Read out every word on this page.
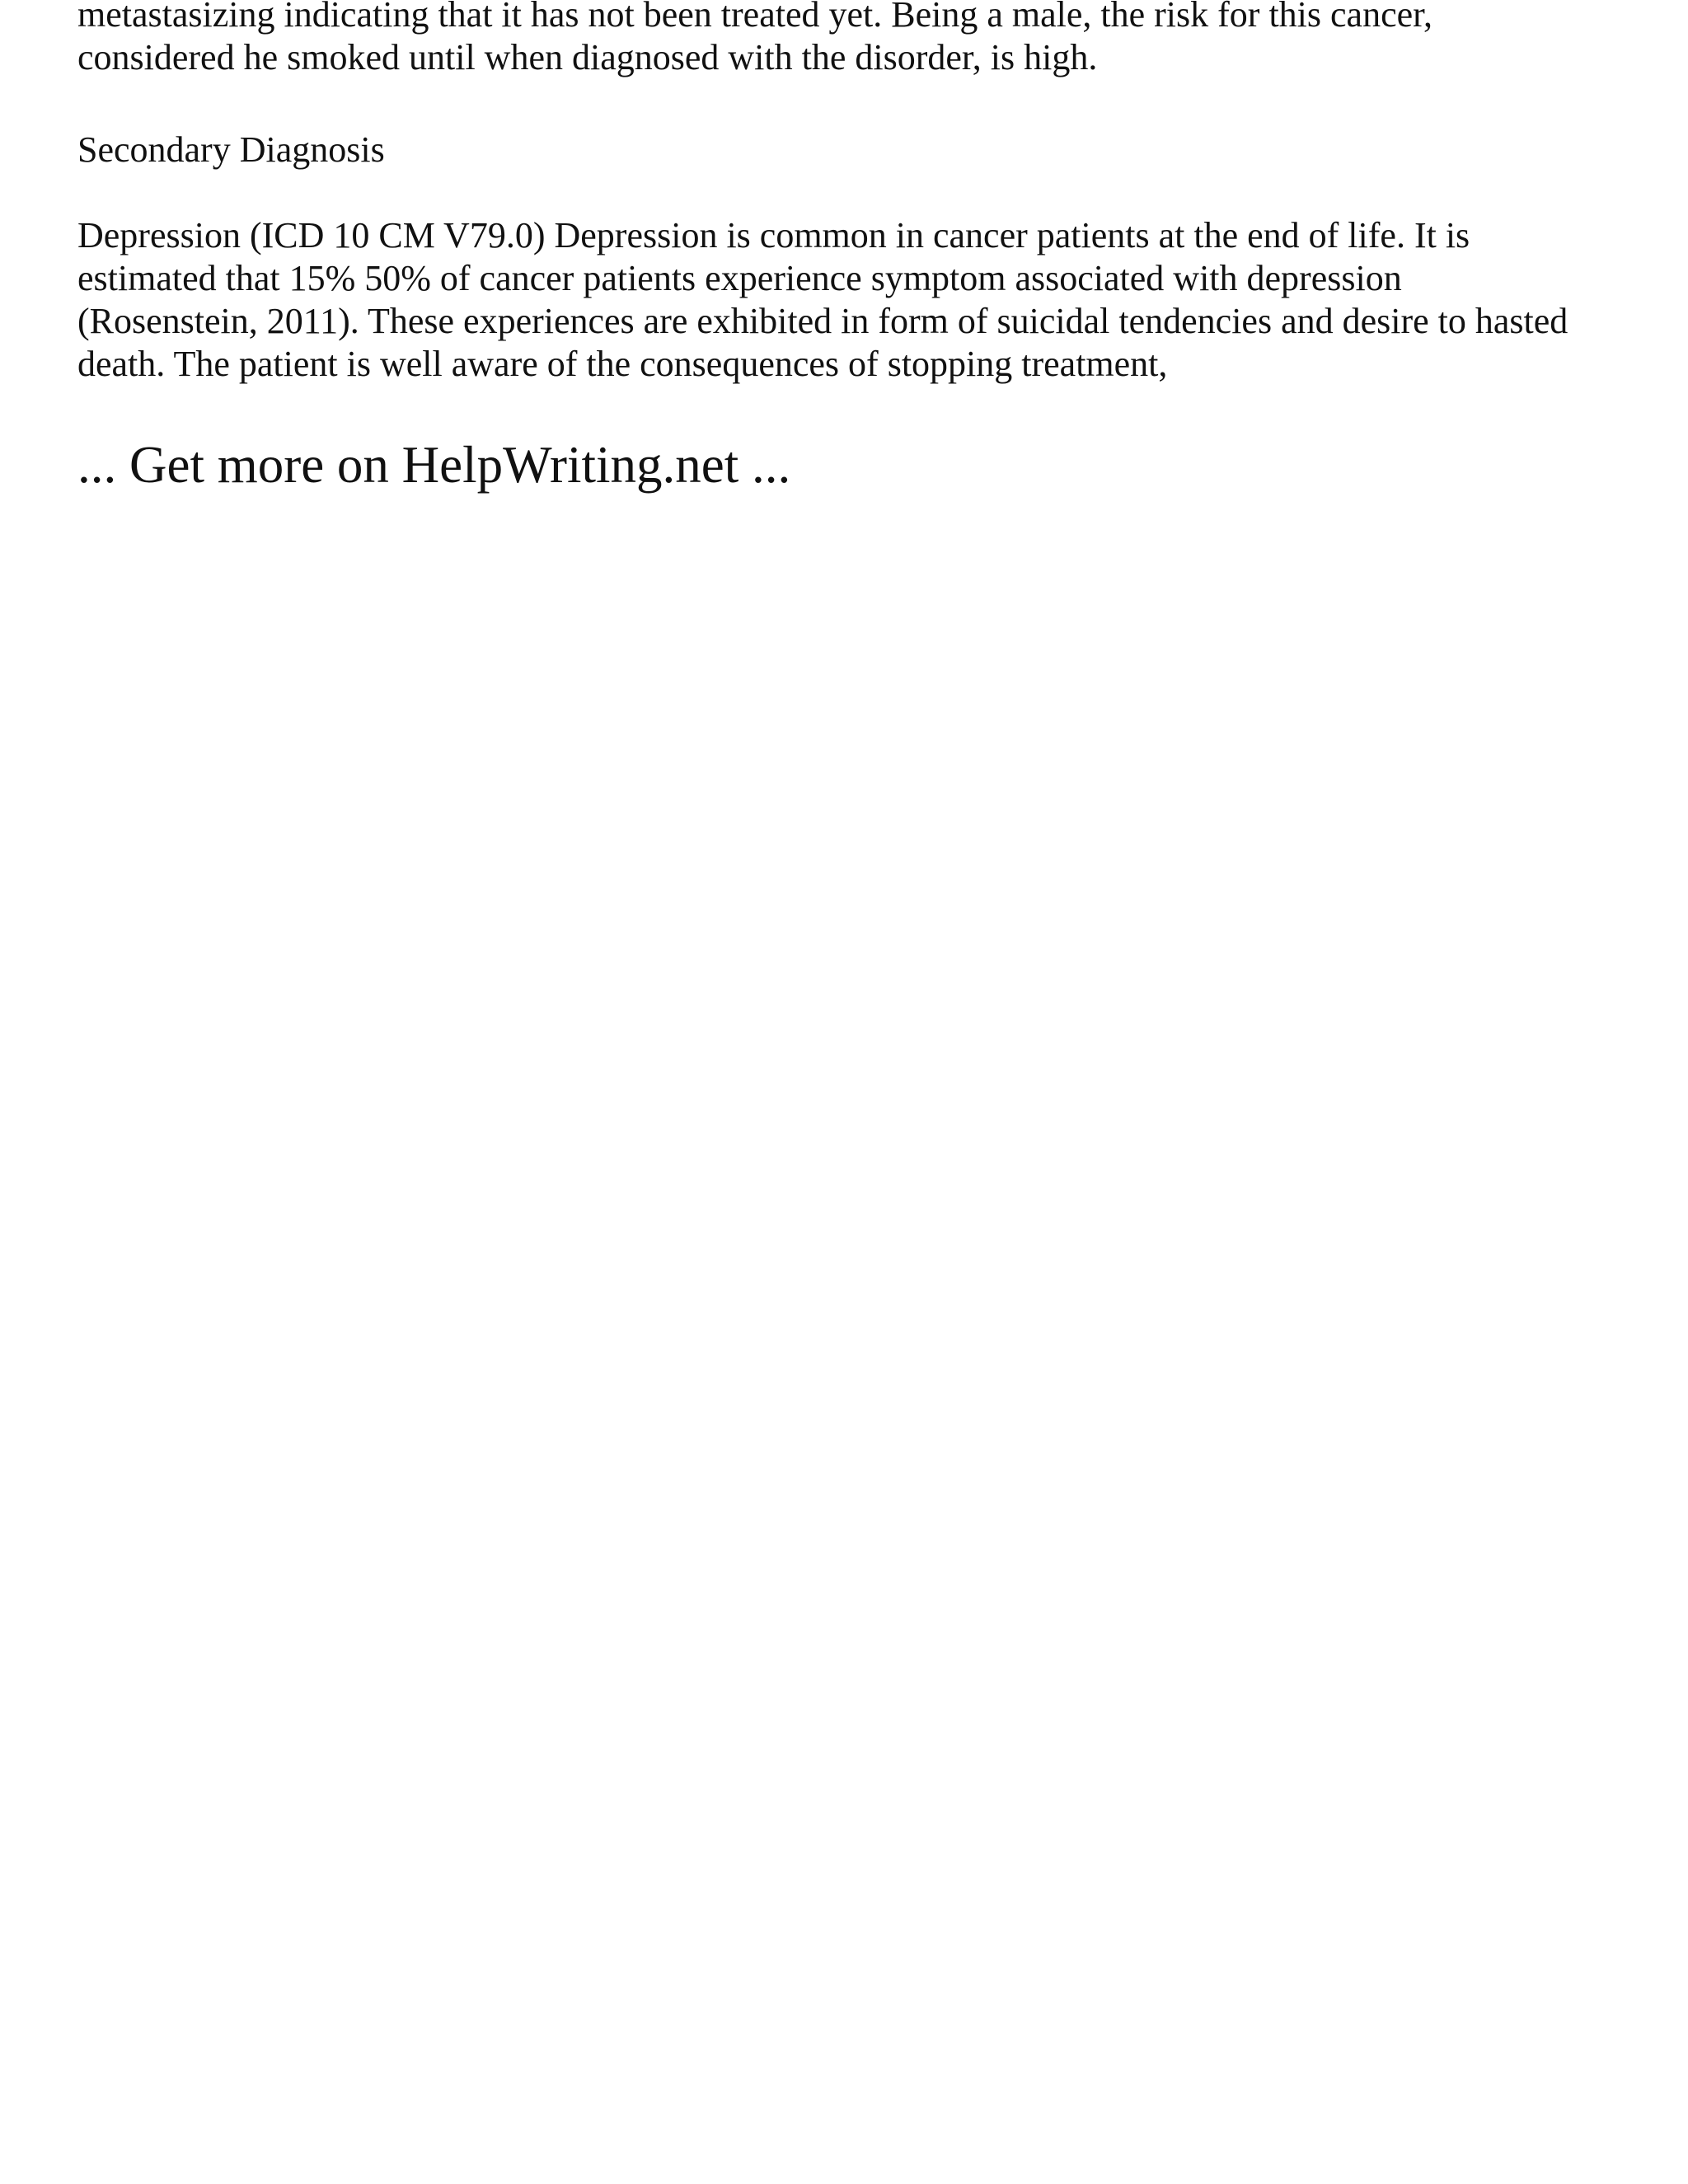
metastasizing indicating that it has not been treated yet. Being a male, the risk for this cancer,
considered he smoked until when diagnosed with the disorder, is high.

Secondary Diagnosis

Depression (ICD 10 CM V79.0) Depression is common in cancer patients at the end of life. It is
estimated that 15% 50% of cancer patients experience symptom associated with depression
(Rosenstein, 2011). These experiences are exhibited in form of suicidal tendencies and desire to hasted
death. The patient is well aware of the consequences of stopping treatment,

... Get more on HelpWriting.net ...
